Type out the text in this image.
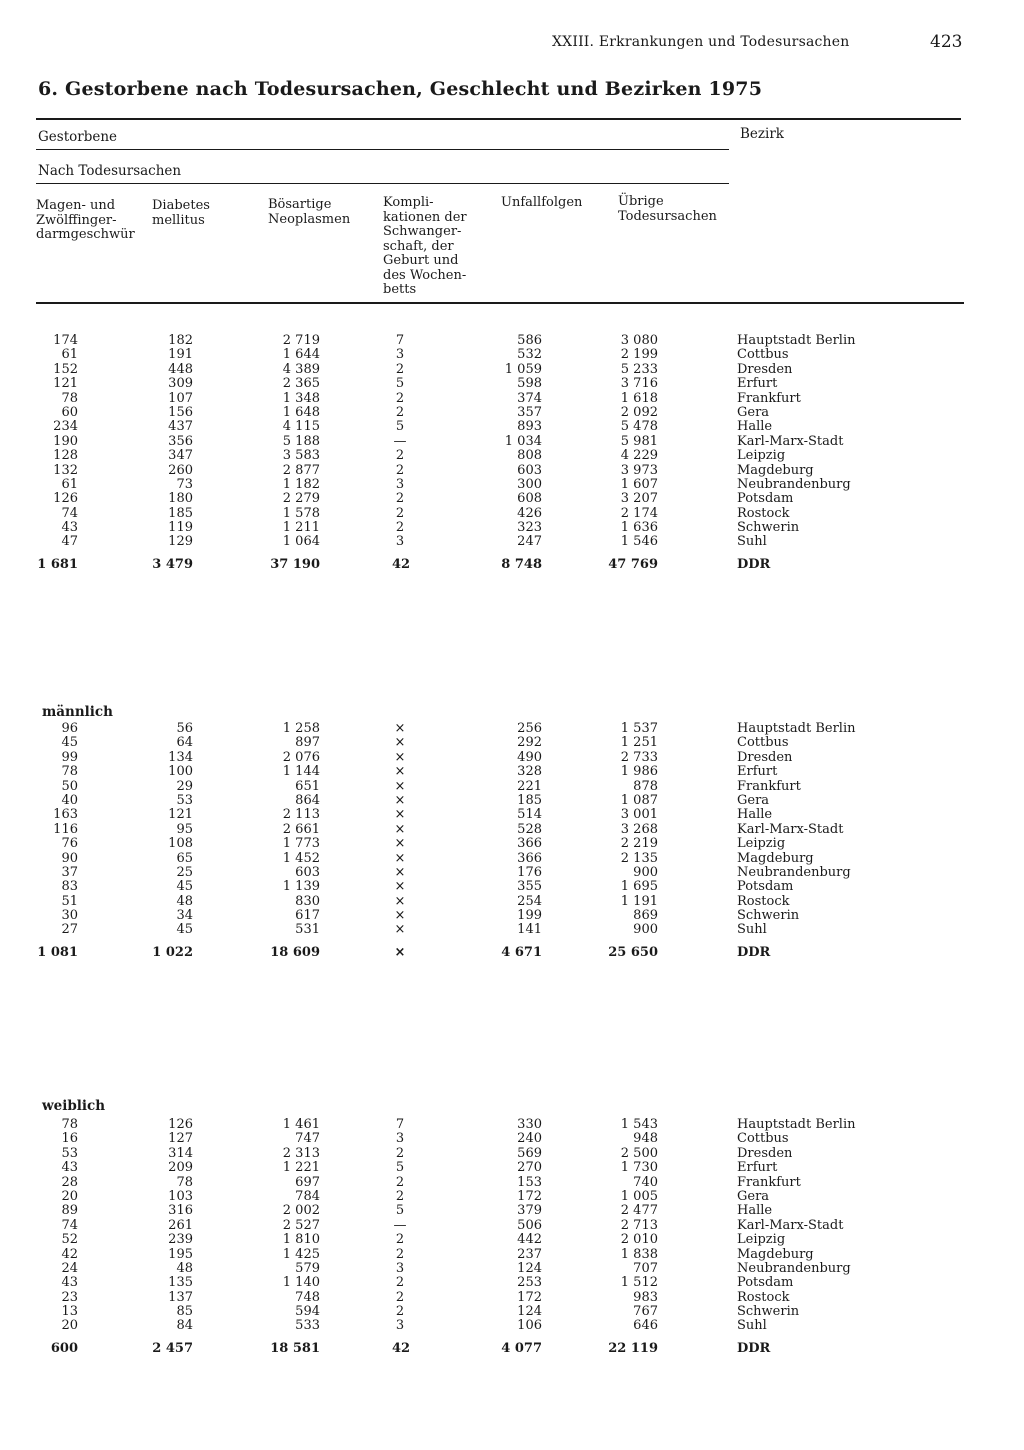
XXIII. Erkrankungen und Todesursachen	423
6. Gestorbene nach Todesursachen, Geschlecht und Bezirken 1975
Gestorbene
Nach Todesursachen
Bezirk
Magen- und
Zwölffinger-
darmgeschwür
Diabetes
mellitus
Bösartige
Neoplasmen
Kompli-
kationen der
Schwanger-
schaft, der
Geburt und
des Wochen-
betts
Unfallfolgen	Übrige
Todesursachen
174	182	2 719	7	586	3 080	Hauptstadt Berlin
61	191	1 644	3	532	2 199	Cottbus
152	448	4 389	2	1 059	5 233	Dresden
121	309	2 365	5	598	3 716	Erfurt
78	107	1 348	2	374	1 618	Frankfurt
60	156	1 648	2	357	2 092	Gera
234	437	4 115	5	893	5 478	Halle
190	356	5 188	—	1 034	5 981	Karl-Marx-Stadt
128	347	3 583	2	808	4 229	Leipzig
132	260	2 877	2	603	3 973	Magdeburg
61	73	1 182	3	300	1 607	Neubrandenburg
126	180	2 279	2	608	3 207	Potsdam
74	185	1 578	2	426	2 174	Rostock
43	119	1 211	2	323	1 636	Schwerin
47	129	1 064	3	247	1 546	Suhl
1 681	3 479	37 190	42	8 748	47 769	DDR
männlich
96	56	1 258	×	256	1 537	Hauptstadt Berlin
45	64	897	×	292	1 251	Cottbus
99	134	2 076	×	490	2 733	Dresden
78	100	1 144	×	328	1 986	Erfurt
50	29	651	×	221	878	Frankfurt
40	53	864	×	185	1 087	Gera
163	121	2 113	×	514	3 001	Halle
116	95	2 661	×	528	3 268	Karl-Marx-Stadt
76	108	1 773	×	366	2 219	Leipzig
90	65	1 452	×	366	2 135	Magdeburg
37	25	603	×	176	900	Neubrandenburg
83	45	1 139	×	355	1 695	Potsdam
51	48	830	×	254	1 191	Rostock
30	34	617	×	199	869	Schwerin
27	45	531	×	141	900	Suhl
1 081	1 022	18 609	×	4 671	25 650	DDR
weiblich
78	126	1 461	7	330	1 543	Hauptstadt Berlin
16	127	747	3	240	948	Cottbus
53	314	2 313	2	569	2 500	Dresden
43	209	1 221	5	270	1 730	Erfurt
28	78	697	2	153	740	Frankfurt
20	103	784	2	172	1 005	Gera
89	316	2 002	5	379	2 477	Halle
74	261	2 527	—	506	2 713	Karl-Marx-Stadt
52	239	1 810	2	442	2 010	Leipzig
42	195	1 425	2	237	1 838	Magdeburg
24	48	579	3	124	707	Neubrandenburg
43	135	1 140	2	253	1 512	Potsdam
23	137	748	2	172	983	Rostock
13	85	594	2	124	767	Schwerin
20	84	533	3	106	646	Suhl
600	2 457	18 581	42	4 077	22 119	DDR
